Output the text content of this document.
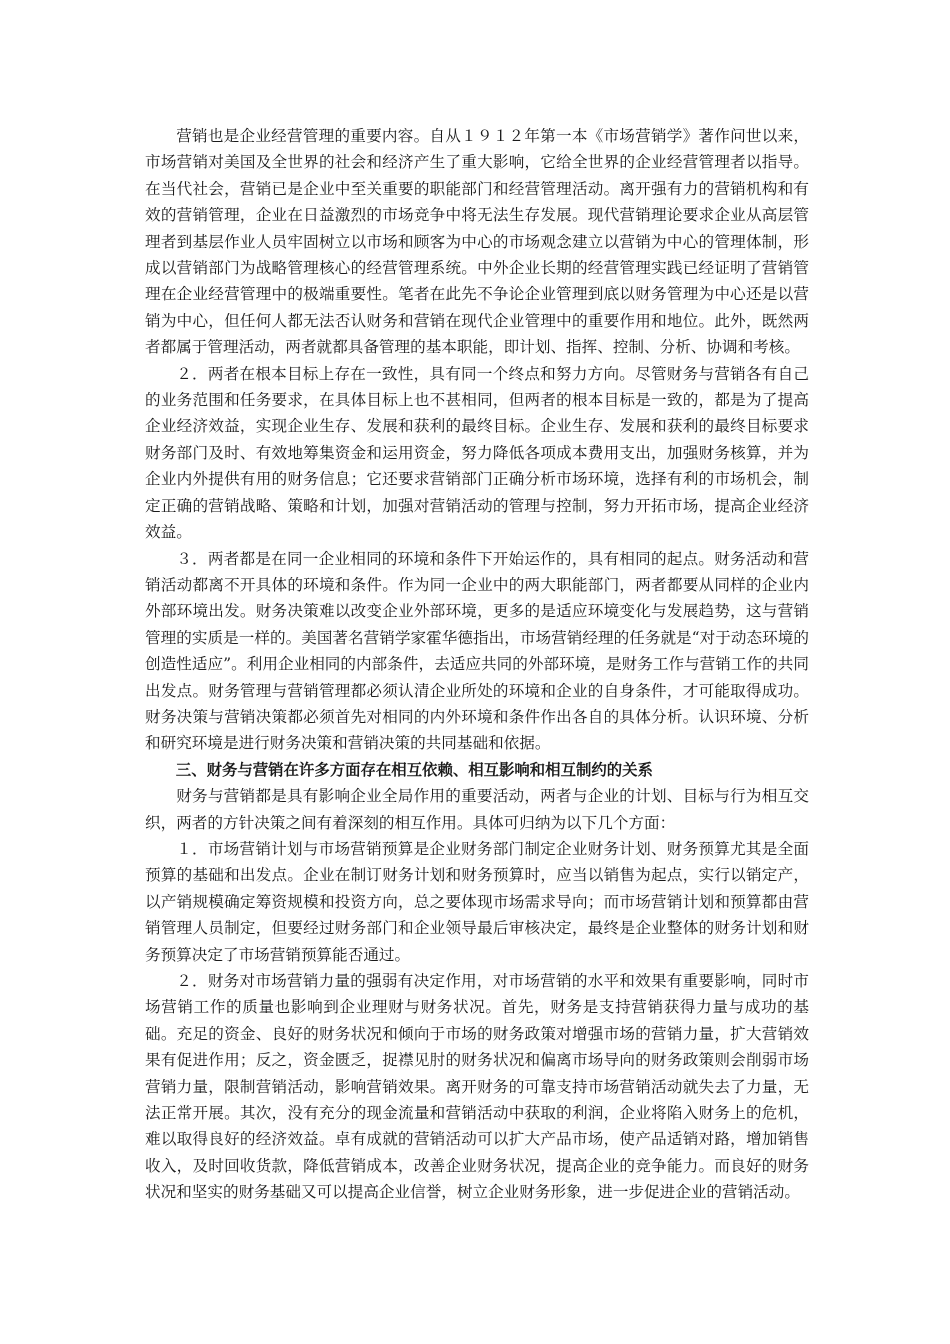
营销也是企业经营管理的重要内容。自从１９１２年第一本《市场营销学》著作问世以来，市场营销对美国及全世界的社会和经济产生了重大影响，它给全世界的企业经营管理者以指导。在当代社会，营销已是企业中至关重要的职能部门和经营管理活动。离开强有力的营销机构和有效的营销管理，企业在日益激烈的市场竞争中将无法生存发展。现代营销理论要求企业从高层管理者到基层作业人员牢固树立以市场和顾客为中心的市场观念建立以营销为中心的管理体制，形成以营销部门为战略管理核心的经营管理系统。中外企业长期的经营管理实践已经证明了营销管理在企业经营管理中的极端重要性。笔者在此先不争论企业管理到底以财务管理为中心还是以营销为中心，但任何人都无法否认财务和营销在现代企业管理中的重要作用和地位。此外，既然两者都属于管理活动，两者就都具备管理的基本职能，即计划、指挥、控制、分析、协调和考核。

２．两者在根本目标上存在一致性，具有同一个终点和努力方向。尽管财务与营销各有自己的业务范围和任务要求，在具体目标上也不甚相同，但两者的根本目标是一致的，都是为了提高企业经济效益，实现企业生存、发展和获利的最终目标。企业生存、发展和获利的最终目标要求财务部门及时、有效地筹集资金和运用资金，努力降低各项成本费用支出，加强财务核算，并为企业内外提供有用的财务信息；它还要求营销部门正确分析市场环境，选择有利的市场机会，制定正确的营销战略、策略和计划，加强对营销活动的管理与控制，努力开拓市场，提高企业经济效益。

３．两者都是在同一企业相同的环境和条件下开始运作的，具有相同的起点。财务活动和营销活动都离不开具体的环境和条件。作为同一企业中的两大职能部门，两者都要从同样的企业内外部环境出发。财务决策难以改变企业外部环境，更多的是适应环境变化与发展趋势，这与营销管理的实质是一样的。美国著名营销学家霍华德指出，市场营销经理的任务就是“对于动态环境的创造性适应”。利用企业相同的内部条件，去适应共同的外部环境，是财务工作与营销工作的共同出发点。财务管理与营销管理都必须认清企业所处的环境和企业的自身条件，才可能取得成功。财务决策与营销决策都必须首先对相同的内外环境和条件作出各自的具体分析。认识环境、分析和研究环境是进行财务决策和营销决策的共同基础和依据。

三、财务与营销在许多方面存在相互依赖、相互影响和相互制约的关系

财务与营销都是具有影响企业全局作用的重要活动，两者与企业的计划、目标与行为相互交织，两者的方针决策之间有着深刻的相互作用。具体可归纳为以下几个方面：

１．市场营销计划与市场营销预算是企业财务部门制定企业财务计划、财务预算尤其是全面预算的基础和出发点。企业在制订财务计划和财务预算时，应当以销售为起点，实行以销定产，以产销规模确定筹资规模和投资方向，总之要体现市场需求导向；而市场营销计划和预算都由营销管理人员制定，但要经过财务部门和企业领导最后审核决定，最终是企业整体的财务计划和财务预算决定了市场营销预算能否通过。

２．财务对市场营销力量的强弱有决定作用，对市场营销的水平和效果有重要影响，同时市场营销工作的质量也影响到企业理财与财务状况。首先，财务是支持营销获得力量与成功的基础。充足的资金、良好的财务状况和倾向于市场的财务政策对增强市场的营销力量，扩大营销效果有促进作用；反之，资金匮乏，捉襟见肘的财务状况和偏离市场导向的财务政策则会削弱市场营销力量，限制营销活动，影响营销效果。离开财务的可靠支持市场营销活动就失去了力量，无法正常开展。其次，没有充分的现金流量和营销活动中获取的利润，企业将陷入财务上的危机，难以取得良好的经济效益。卓有成就的营销活动可以扩大产品市场，使产品适销对路，增加销售收入，及时回收货款，降低营销成本，改善企业财务状况，提高企业的竞争能力。而良好的财务状况和坚实的财务基础又可以提高企业信誉，树立企业财务形象，进一步促进企业的营销活动。
